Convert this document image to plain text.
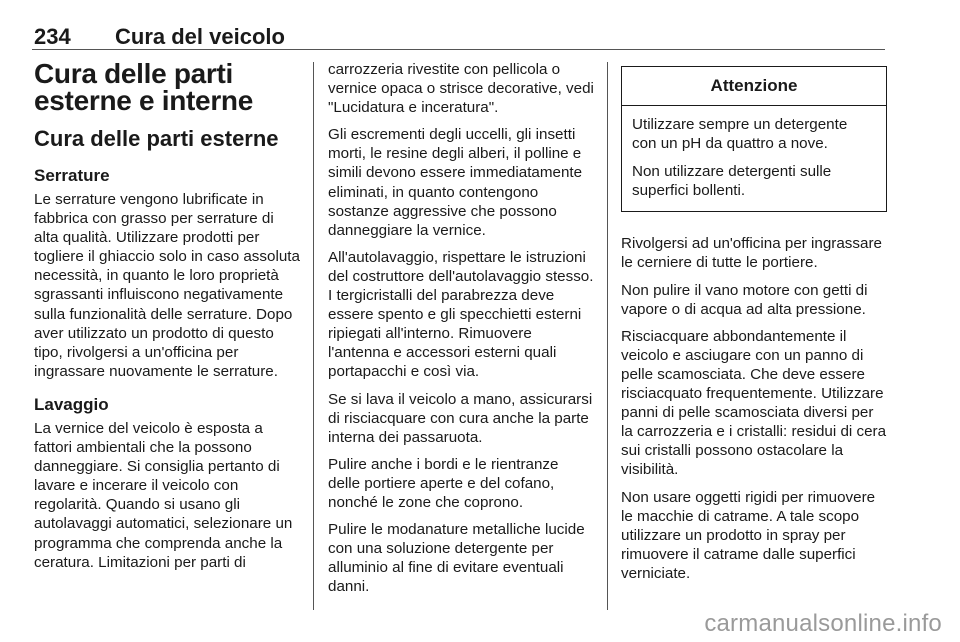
234 Cura del veicolo
Cura delle parti esterne e interne
Cura delle parti esterne
Serrature

Le serrature vengono lubrificate in fabbrica con grasso per serrature di alta qualità. Utilizzare prodotti per togliere il ghiaccio solo in caso assoluta necessità, in quanto le loro proprietà sgrassanti influiscono negativamente sulla funzionalità delle serrature. Dopo aver utilizzato un prodotto di questo tipo, rivolgersi a un'officina per ingrassare nuovamente le serrature.

Lavaggio

La vernice del veicolo è esposta a fattori ambientali che la possono danneggiare. Si consiglia pertanto di lavare e incerare il veicolo con regolarità. Quando si usano gli autolavaggi automatici, selezionare un programma che comprenda anche la ceratura. Limitazioni per parti di

carrozzeria rivestite con pellicola o vernice opaca o strisce decorative, vedi "Lucidatura e inceratura".

Gli escrementi degli uccelli, gli insetti morti, le resine degli alberi, il polline e simili devono essere immediatamente eliminati, in quanto contengono sostanze aggressive che possono danneggiare la vernice.

All'autolavaggio, rispettare le istruzioni del costruttore dell'autolavaggio stesso. I tergicristalli del parabrezza deve essere spento e gli specchietti esterni ripiegati all'interno. Rimuovere l'antenna e accessori esterni quali portapacchi e così via.

Se si lava il veicolo a mano, assicurarsi di risciacquare con cura anche la parte interna dei passaruota.

Pulire anche i bordi e le rientranze delle portiere aperte e del cofano, nonché le zone che coprono.

Pulire le modanature metalliche lucide con una soluzione detergente per alluminio al fine di evitare eventuali danni.

Attenzione

Utilizzare sempre un detergente con un pH da quattro a nove.

Non utilizzare detergenti sulle superfici bollenti.

Rivolgersi ad un'officina per ingrassare le cerniere di tutte le portiere.

Non pulire il vano motore con getti di vapore o di acqua ad alta pressione.

Risciacquare abbondantemente il veicolo e asciugare con un panno di pelle scamosciata. Che deve essere risciacquato frequentemente. Utilizzare panni di pelle scamosciata diversi per la carrozzeria e i cristalli: residui di cera sui cristalli possono ostacolare la visibilità.

Non usare oggetti rigidi per rimuovere le macchie di catrame. A tale scopo utilizzare un prodotto in spray per rimuovere il catrame dalle superfici verniciate.

carmanualsonline.info
